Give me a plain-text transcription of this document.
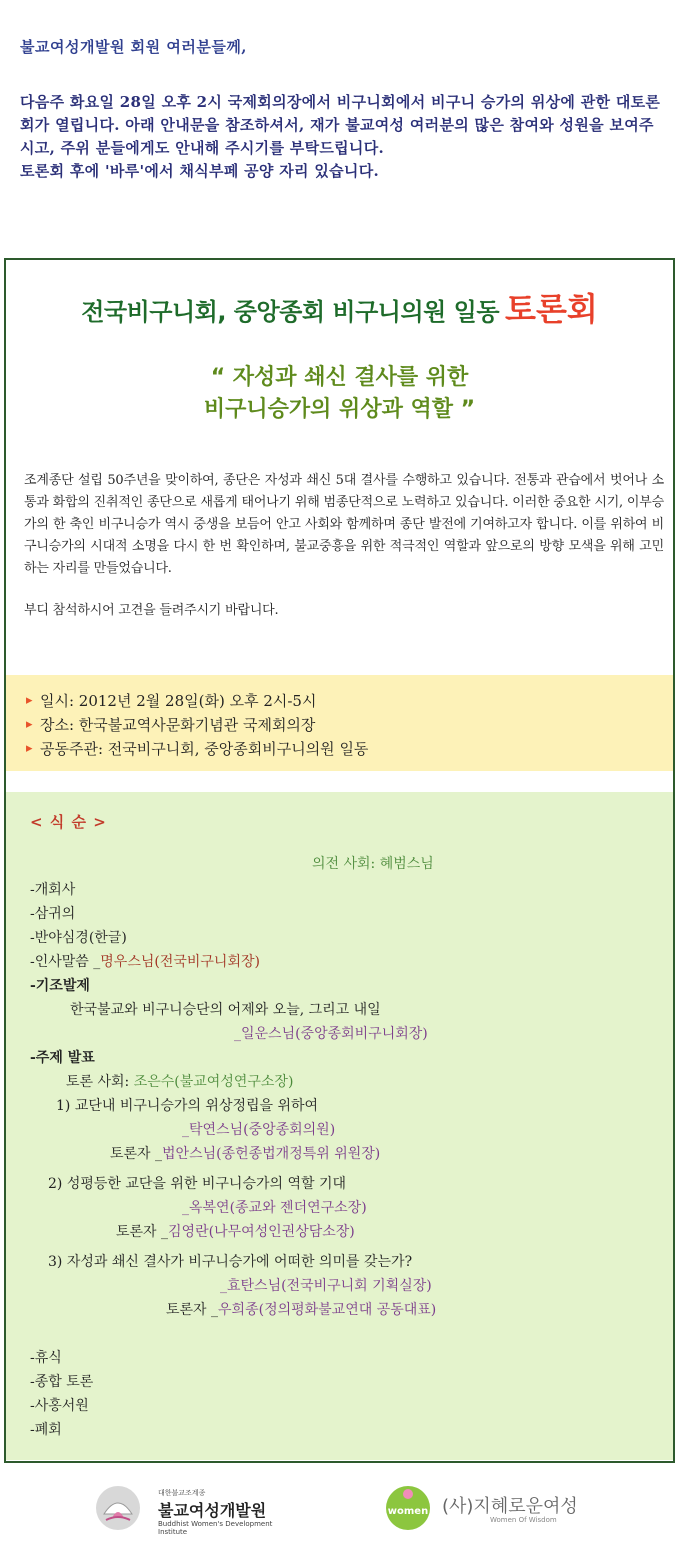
불교여성개발원 회원 여러분들께,

다음주 화요일 28일 오후 2시 국제회의장에서 비구니회에서 비구니 승가의 위상에 관한 대토론회가 열립니다. 아래 안내문을 참조하셔서, 재가 불교여성 여러분의 많은 참여와 성원을 보여주시고, 주위 분들에게도 안내해 주시기를 부탁드립니다.

토론회 후에 '바루'에서 채식부페 공양 자리 있습니다.

전국비구니회, 중앙종회 비구니의원 일동 토론회
“ 자성과 쇄신 결사를 위한
비구니승가의 위상과 역할 ”

조계종단 설립 50주년을 맞이하여, 종단은 자성과 쇄신 5대 결사를 수행하고 있습니다. 전통과 관습에서 벗어나 소통과 화합의 진취적인 종단으로 새롭게 태어나기 위해 범종단적으로 노력하고 있습니다. 이러한 중요한 시기, 이부승가의 한 축인 비구니승가 역시 중생을 보듬어 안고 사회와 함께하며 종단 발전에 기여하고자 합니다. 이를 위하여 비구니승가의 시대적 소명을 다시 한 번 확인하며, 불교중흥을 위한 적극적인 역할과 앞으로의 방향 모색을 위해 고민하는 자리를 만들었습니다.

부디 참석하시어 고견을 들려주시기 바랍니다.

▸ 일시: 2012년 2월 28일(화) 오후 2시-5시
▸ 장소: 한국불교역사문화기념관 국제회의장
▸ 공동주관: 전국비구니회, 중앙종회비구니의원 일동
< 식 순 >
의전 사회: 혜범스님
-개회사
-삼귀의
-반야심경(한글)
-인사말씀 _명우스님(전국비구니회장)
-기조발제
한국불교와 비구니승단의 어제와 오늘, 그리고 내일
_일운스님(중앙종회비구니회장)
-주제 발표
토론 사회: 조은수(불교여성연구소장)
1) 교단내 비구니승가의 위상정립을 위하여
_탁연스님(중앙종회의원)
토론자 _법안스님(종헌종법개정특위 위원장)
2) 성평등한 교단을 위한 비구니승가의 역할 기대
_옥복연(종교와 젠더연구소장)
토론자 _김영란(나무여성인권상담소장)
3) 자성과 쇄신 결사가 비구니승가에 어떠한 의미를 갖는가?
_효탄스님(전국비구니회 기획실장)
토론자 _우희종(정의평화불교연대 공동대표)
-휴식
-종합 토론
-사홍서원
-폐회
대한불교조계종
불교여성개발원
Buddhist Women's Development Institute
women (사)지혜로운여성
Women Of Wisdom
